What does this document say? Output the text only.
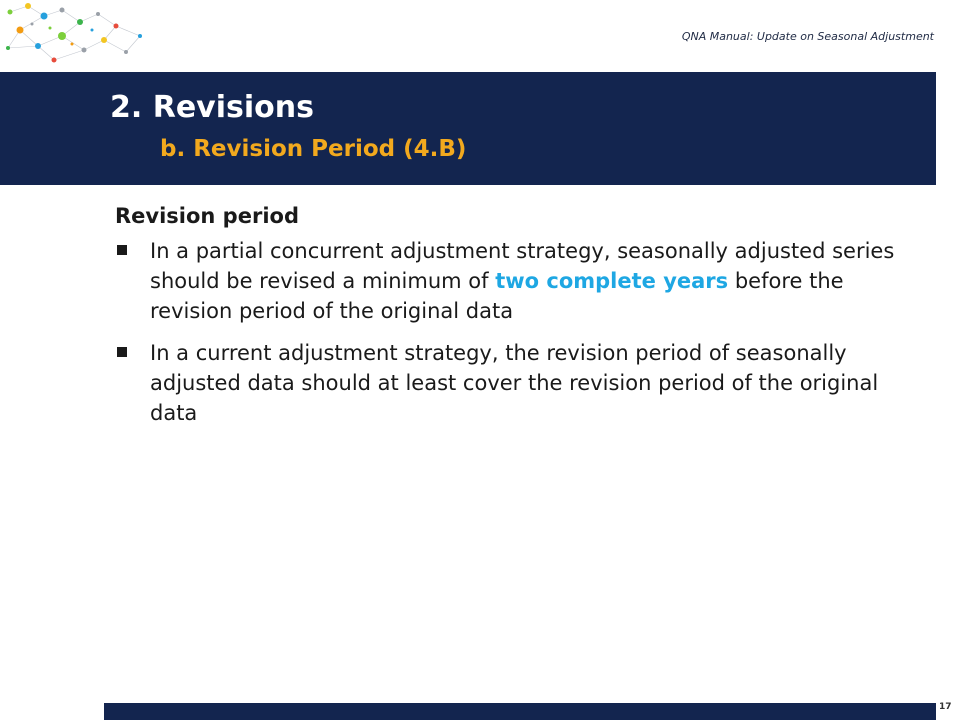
QNA Manual: Update on Seasonal Adjustment
2. Revisions
b. Revision Period (4.B)
Revision period
In a partial concurrent adjustment strategy, seasonally adjusted series should be revised a minimum of two complete years before the revision period of the original data
In a current adjustment strategy, the revision period of seasonally adjusted data should at least cover the revision period of the original data
17
